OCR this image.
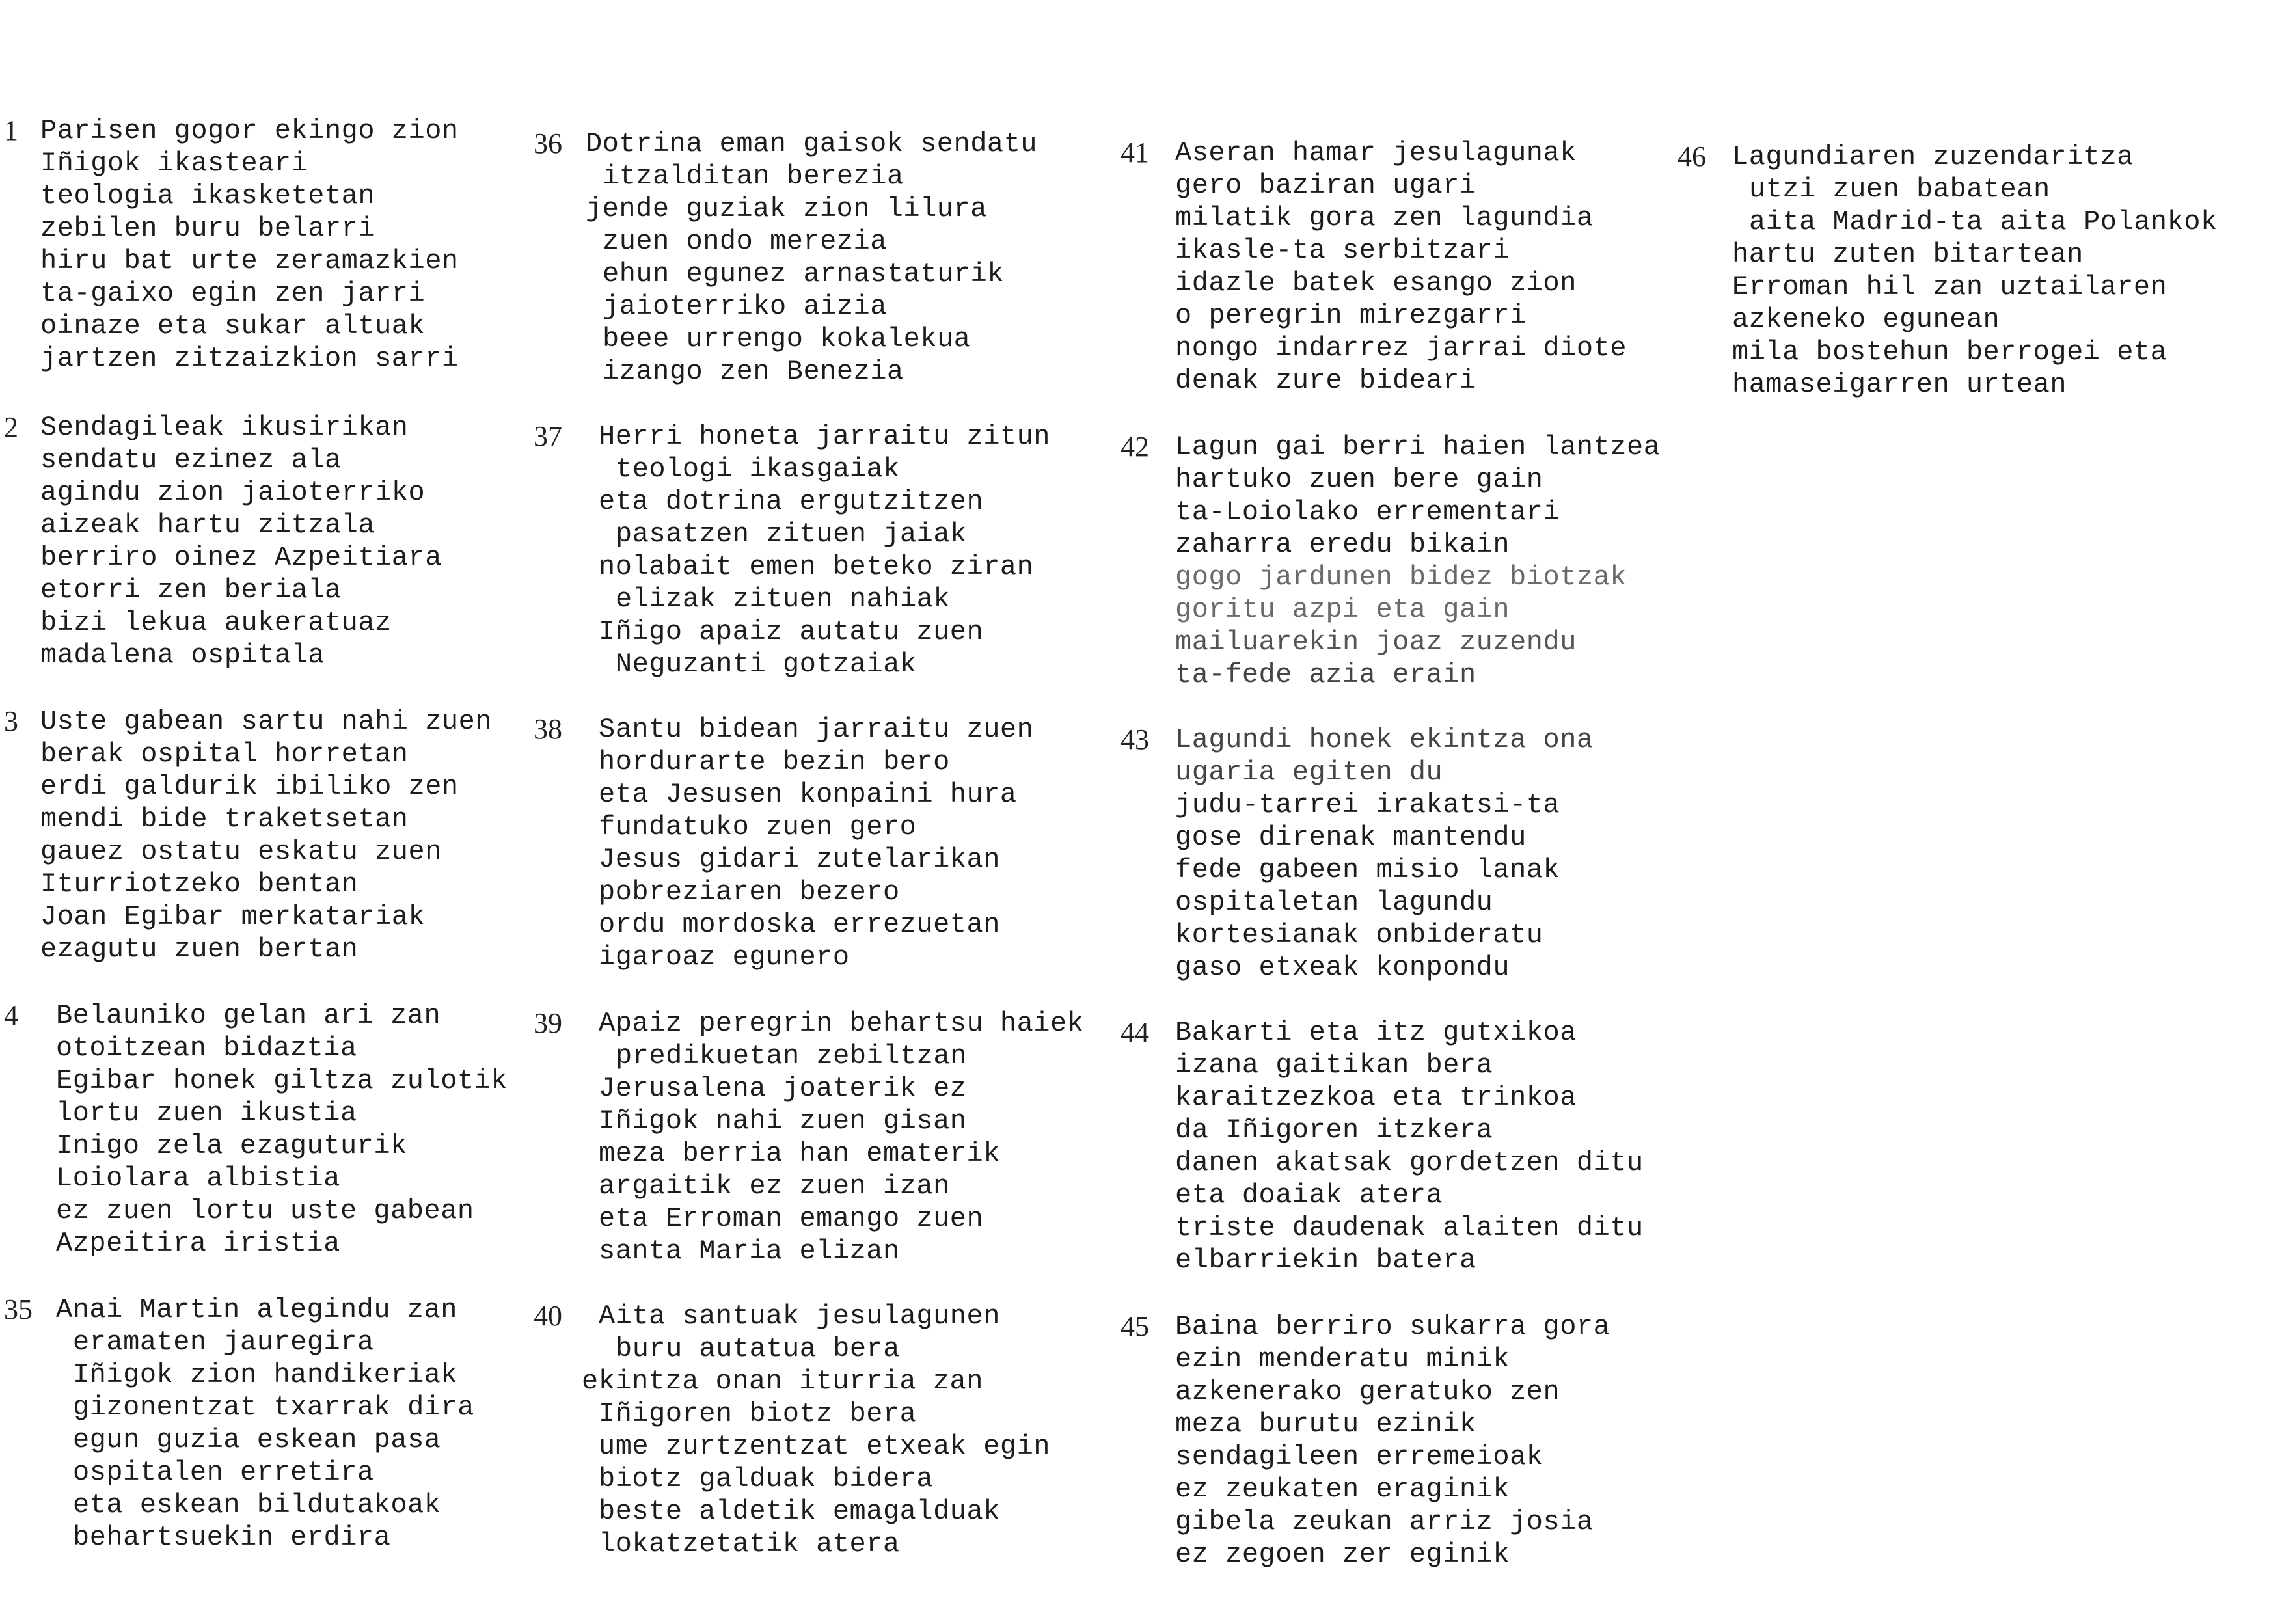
1 Parisen gogor ekingo zion
Iñigok ikasteari
teologia ikasketetan
zebilen buru belarri
hiru bat urte zeramazkien
ta-gaixo egin zen jarri
oinaze eta sukar altuak
jartzen zitzaizkion sarri
2 Sendagileak ikusirikan
sendatu ezinez ala
agindu zion jaioterriko
aizeak hartu zitzala
berriro oinez Azpeitiara
etorri zen beriala
bizi lekua aukeratuaz
madalena ospitala
3 Uste gabean sartu nahi zuen
berak ospital horretan
erdi galdurik ibiliko zen
mendi bide traketsetan
gauez ostatu eskatu zuen
Iturriotzeko bentan
Joan Egibar merkatariak
ezagutu zuen bertan
4 Belauniko gelan ari zan
otoitzean bidaztia
Egibar honek giltza zulotik
lortu zuen ikustia
Inigo zela ezaguturik
Loiolara albistia
ez zuen lortu uste gabean
Azpeitira iristia
35 Anai Martin alegindu zan
eramaten jauregira
Iñigok zion handikeriak
gizonentzat txarrak dira
egun guzia eskean pasa
ospitalen erretira
eta eskean bildutakoak
behartsuekin erdira
36 Dotrina eman gaisok sendatu
itzalditan berezia
jende guziak zion lilura
zuen ondo merezia
ehun egunez arnastaturik
jaioterriko aizia
beee urrengo kokalekua
izango zen Benezia
37 Herri honeta jarraitu zitun
teologi ikasgaiak
eta dotrina ergutzitzen
pasatzen zituen jaiak
nolabait emen beteko ziran
elizak zituen nahiak
Iñigo apaiz autatu zuen
Neguzanti gotzaiak
38 Santu bidean jarraitu zuen
hordurarte bezin bero
eta Jesusen konpaini hura
fundatuko zuen gero
Jesus gidari zutelarikan
pobreziaren bezero
ordu mordoska errezuetan
igaroaz egunero
39 Apaiz peregrin behartsu haiek
predikuetan zebiltzan
Jerusalena joaterik ez
Iñigok nahi zuen gisan
meza berria han ematerik
argaitik ez zuen izan
eta Erroman emango zuen
santa Maria elizan
40 Aita santuak jesulagunen
buru autatua bera
ekintza onan iturria zan
Iñigoren biotz bera
ume zurtzentzat etxeak egin
biotz galduak bidera
beste aldetik emagalduak
lokatzetatik atera
41 Aseran hamar jesulagunak
gero baziran ugari
milatik gora zen lagundia
ikasle-ta serbitzari
idazle batek esango zion
o peregrin mirezgarri
nongo indarrez jarrai diote
denak zure bideari
42 Lagun gai berri haien lantzea
hartuko zuen bere gain
ta-Loiolako errementari
zaharra eredu bikain
gogo jardunen bidez biotzak
goritu azpi eta gain
mailuarekin joaz zuzendu
ta-fede azia erain
43 Lagundi honek ekintza ona
ugaria egiten du
judu-tarrei irakatsi-ta
gose direnak mantendu
fede gabeen misio lanak
ospitaletan lagundu
kortesianak onbideratu
gaso etxeak konpondu
44 Bakarti eta itz gutxikoa
izana gaitikan bera
karaitzezkoa eta trinkoa
da Iñigoren itzkera
danen akatsak gordetzen ditu
eta doaiak atera
triste daudenak alaiten ditu
elbarriekin batera
45 Baina berriro sukarra gora
ezin menderatu minik
azkenerako geratuko zen
meza burutu ezinik
sendagileen erremeioak
ez zeukaten eraginik
gibela zeukan arriz josia
ez zegoen zer eginik
46 Lagundiaren zuzendaritza
utzi zuen babatean
aita Madrid-ta aita Polankok
hartu zuten bitartean
Erroman hil zan uztailaren
azkeneko egunean
mila bostehun berrogei eta
hamaseigarren urtean
